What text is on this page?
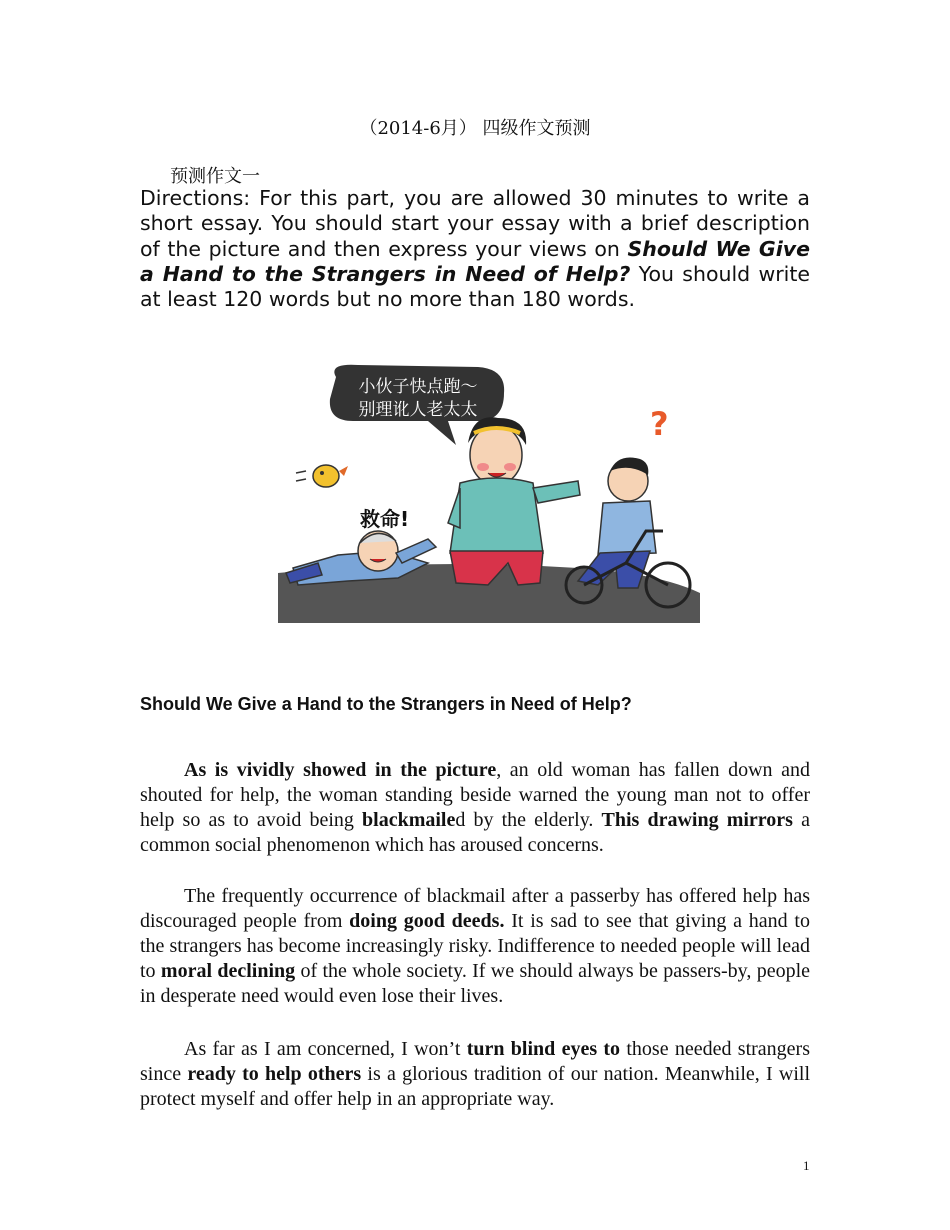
（2014-6月） 四级作文预测
预测作文一
Directions: For this part, you are allowed 30 minutes to write a short essay. You should start your essay with a brief description of the picture and then express your views on Should We Give a Hand to the Strangers in Need of Help? You should write at least 120 words but no more than 180 words.
小伙子快点跑～
别理讹人老太太	?
救命!
Should We Give a Hand to the Strangers in Need of Help?

As is vividly showed in the picture, an old woman has fallen down and shouted for help, the woman standing beside warned the young man not to offer help so as to avoid being blackmailed by the elderly. This drawing mirrors a common social phenomenon which has aroused concerns.

The frequently occurrence of blackmail after a passerby has offered help has discouraged people from doing good deeds. It is sad to see that giving a hand to the strangers has become increasingly risky. Indifference to needed people will lead to moral declining of the whole society. If we should always be passers-by, people in desperate need would even lose their lives.

As far as I am concerned, I won’t turn blind eyes to those needed strangers since ready to help others is a glorious tradition of our nation. Meanwhile, I will protect myself and offer help in an appropriate way.

1
